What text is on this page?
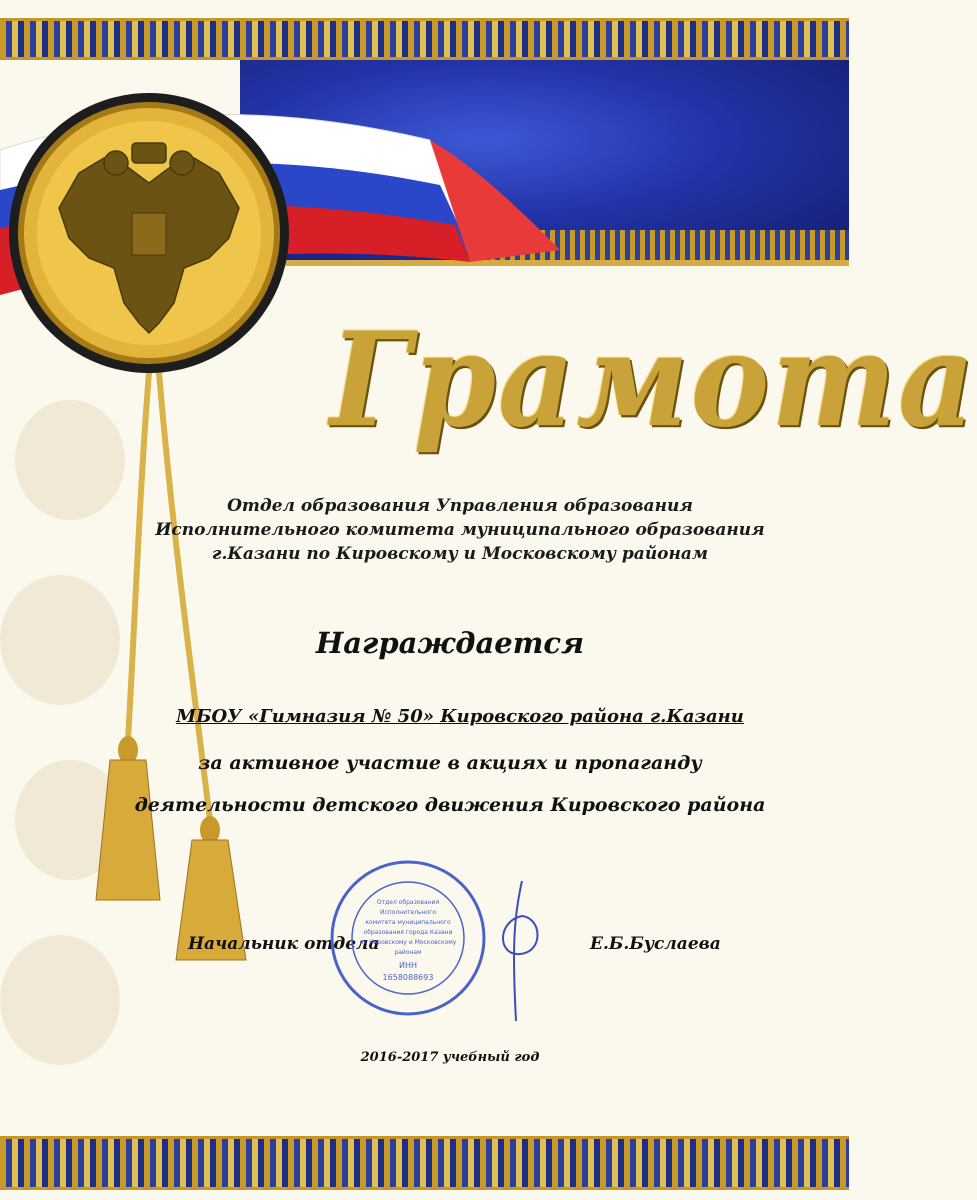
Грамота
Отдел образования Управления образования
Исполнительного комитета муниципального образования
г.Казани по Кировскому и Московскому районам
Награждается
МБОУ «Гимназия № 50» Кировского района г.Казани
за активное участие в акциях и пропаганду
деятельности детского движения Кировского района
Начальник отдела	Е.Б.Буслаева
Отдел образования
Исполнительного
комитета муниципального
образования города Казани
по Кировскому и Московскому
районам
ИНН
1658088693
2016-2017 учебный год
